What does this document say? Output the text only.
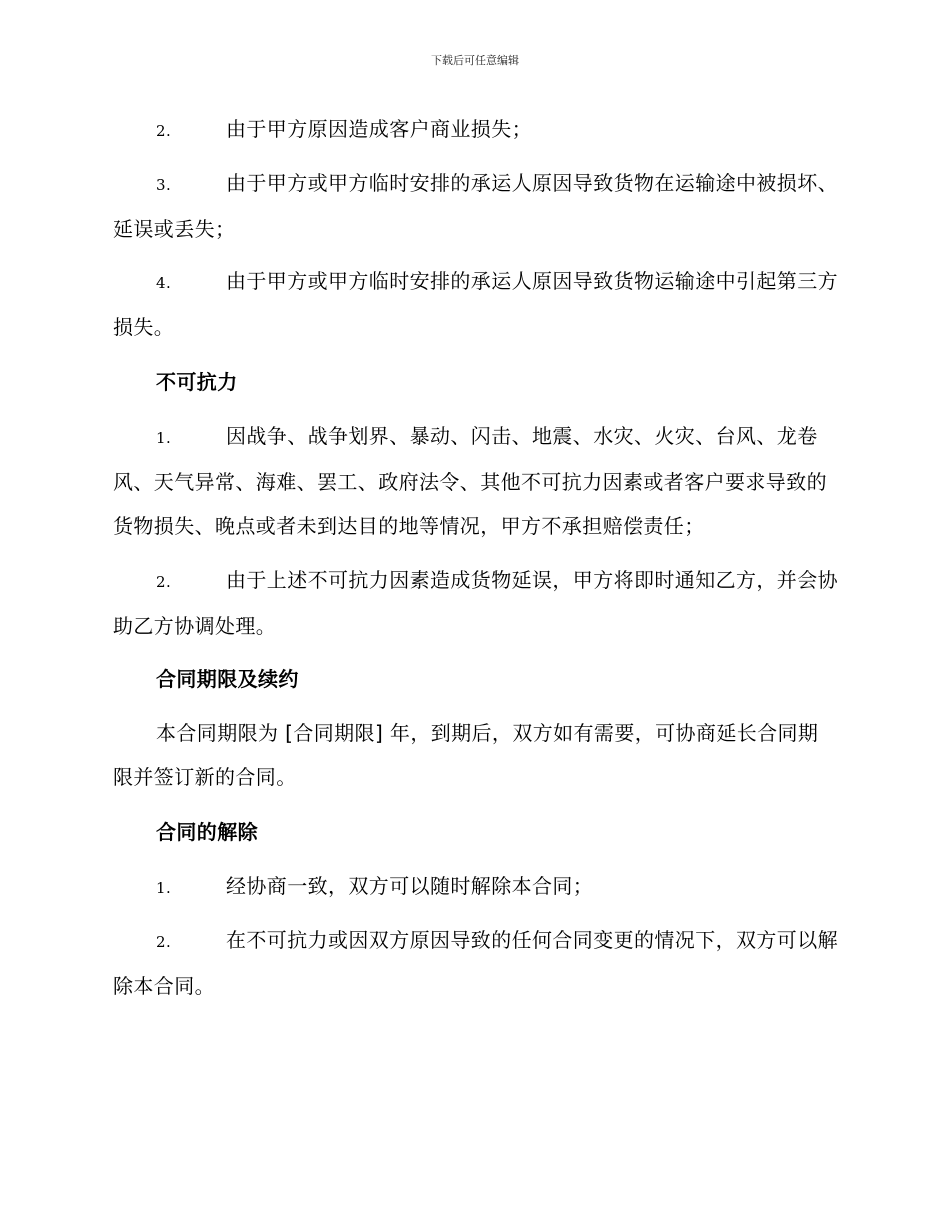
下载后可任意编辑
2.	由于甲方原因造成客户商业损失；
3.	由于甲方或甲方临时安排的承运人原因导致货物在运输途中被损坏、延误或丢失；
4.	由于甲方或甲方临时安排的承运人原因导致货物运输途中引起第三方损失。
不可抗力
1.	因战争、战争划界、暴动、闪击、地震、水灾、火灾、台风、龙卷风、天气异常、海难、罢工、政府法令、其他不可抗力因素或者客户要求导致的货物损失、晚点或者未到达目的地等情况，甲方不承担赔偿责任；
2.	由于上述不可抗力因素造成货物延误，甲方将即时通知乙方，并会协助乙方协调处理。
合同期限及续约
本合同期限为 [合同期限] 年，到期后，双方如有需要，可协商延长合同期限并签订新的合同。
合同的解除
1.	经协商一致，双方可以随时解除本合同；
2.	在不可抗力或因双方原因导致的任何合同变更的情况下，双方可以解除本合同。
